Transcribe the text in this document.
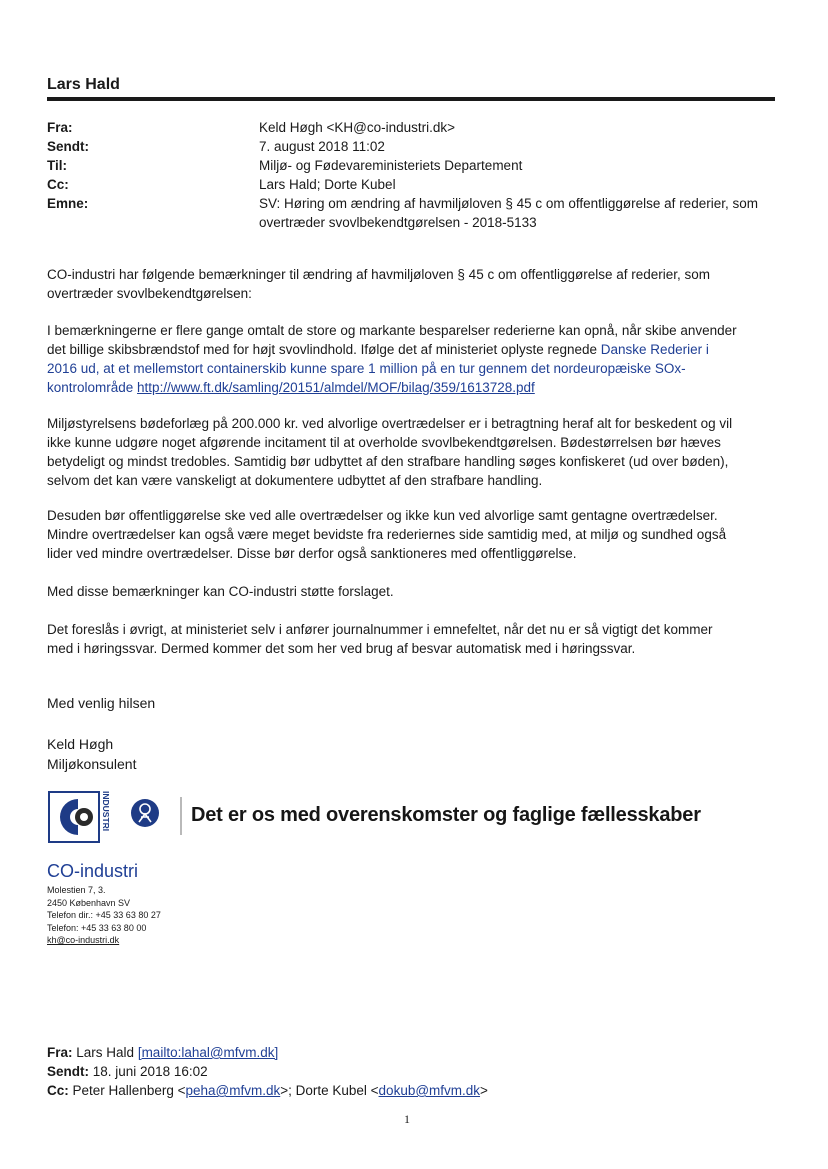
Lars Hald
Fra:	Keld Høgh <KH@co-industri.dk>
Sendt:	7. august 2018 11:02
Til:	Miljø- og Fødevareministeriets Departement
Cc:	Lars Hald; Dorte Kubel
Emne:	SV: Høring om ændring af havmiljøloven § 45 c om offentliggørelse af rederier, som
overtræder svovlbekendtgørelsen - 2018-5133
CO-industri har følgende bemærkninger til ændring af havmiljøloven § 45 c om offentliggørelse af rederier, som
overtræder svovlbekendtgørelsen:
I bemærkningerne er flere gange omtalt de store og markante besparelser rederierne kan opnå, når skibe anvender
det billige skibsbrændstof med for højt svovlindhold. Ifølge det af ministeriet oplyste regnede Danske Rederier i
2016 ud, at et mellemstort containerskib kunne spare 1 million på en tur gennem det nordeuropæiske SOx-
kontrolområde http://www.ft.dk/samling/20151/almdel/MOF/bilag/359/1613728.pdf
Miljøstyrelsens bødeforlæg på 200.000 kr. ved alvorlige overtrædelser er i betragtning heraf alt for beskedent og vil
ikke kunne udgøre noget afgørende incitament til at overholde svovlbekendtgørelsen. Bødestørrelsen bør hæves
betydeligt og mindst tredobles. Samtidig bør udbyttet af den strafbare handling søges konfiskeret (ud over bøden),
selvom det kan være vanskeligt at dokumentere udbyttet af den strafbare handling.
Desuden bør offentliggørelse ske ved alle overtrædelser og ikke kun ved alvorlige samt gentagne overtrædelser.
Mindre overtrædelser kan også være meget bevidste fra rederiernes side samtidig med, at miljø og sundhed også
lider ved mindre overtrædelser. Disse bør derfor også sanktioneres med offentliggørelse.
Med disse bemærkninger kan CO-industri støtte forslaget.
Det foreslås i øvrigt, at ministeriet selv i anfører journalnummer i emnefeltet, når det nu er så vigtigt det kommer
med i høringssvar. Dermed kommer det som her ved brug af besvar automatisk med i høringssvar.
Med venlig hilsen
Keld Høgh
Miljøkonsulent
INDUSTRI	Det er os med overenskomster og faglige fællesskaber
CO-industri
Molestien 7, 3.
2450 København SV
Telefon dir.: +45 33 63 80 27
Telefon: +45 33 63 80 00
kh@co-industri.dk
Fra: Lars Hald [mailto:lahal@mfvm.dk]
Sendt: 18. juni 2018 16:02
Cc: Peter Hallenberg <peha@mfvm.dk>; Dorte Kubel <dokub@mfvm.dk>
1
